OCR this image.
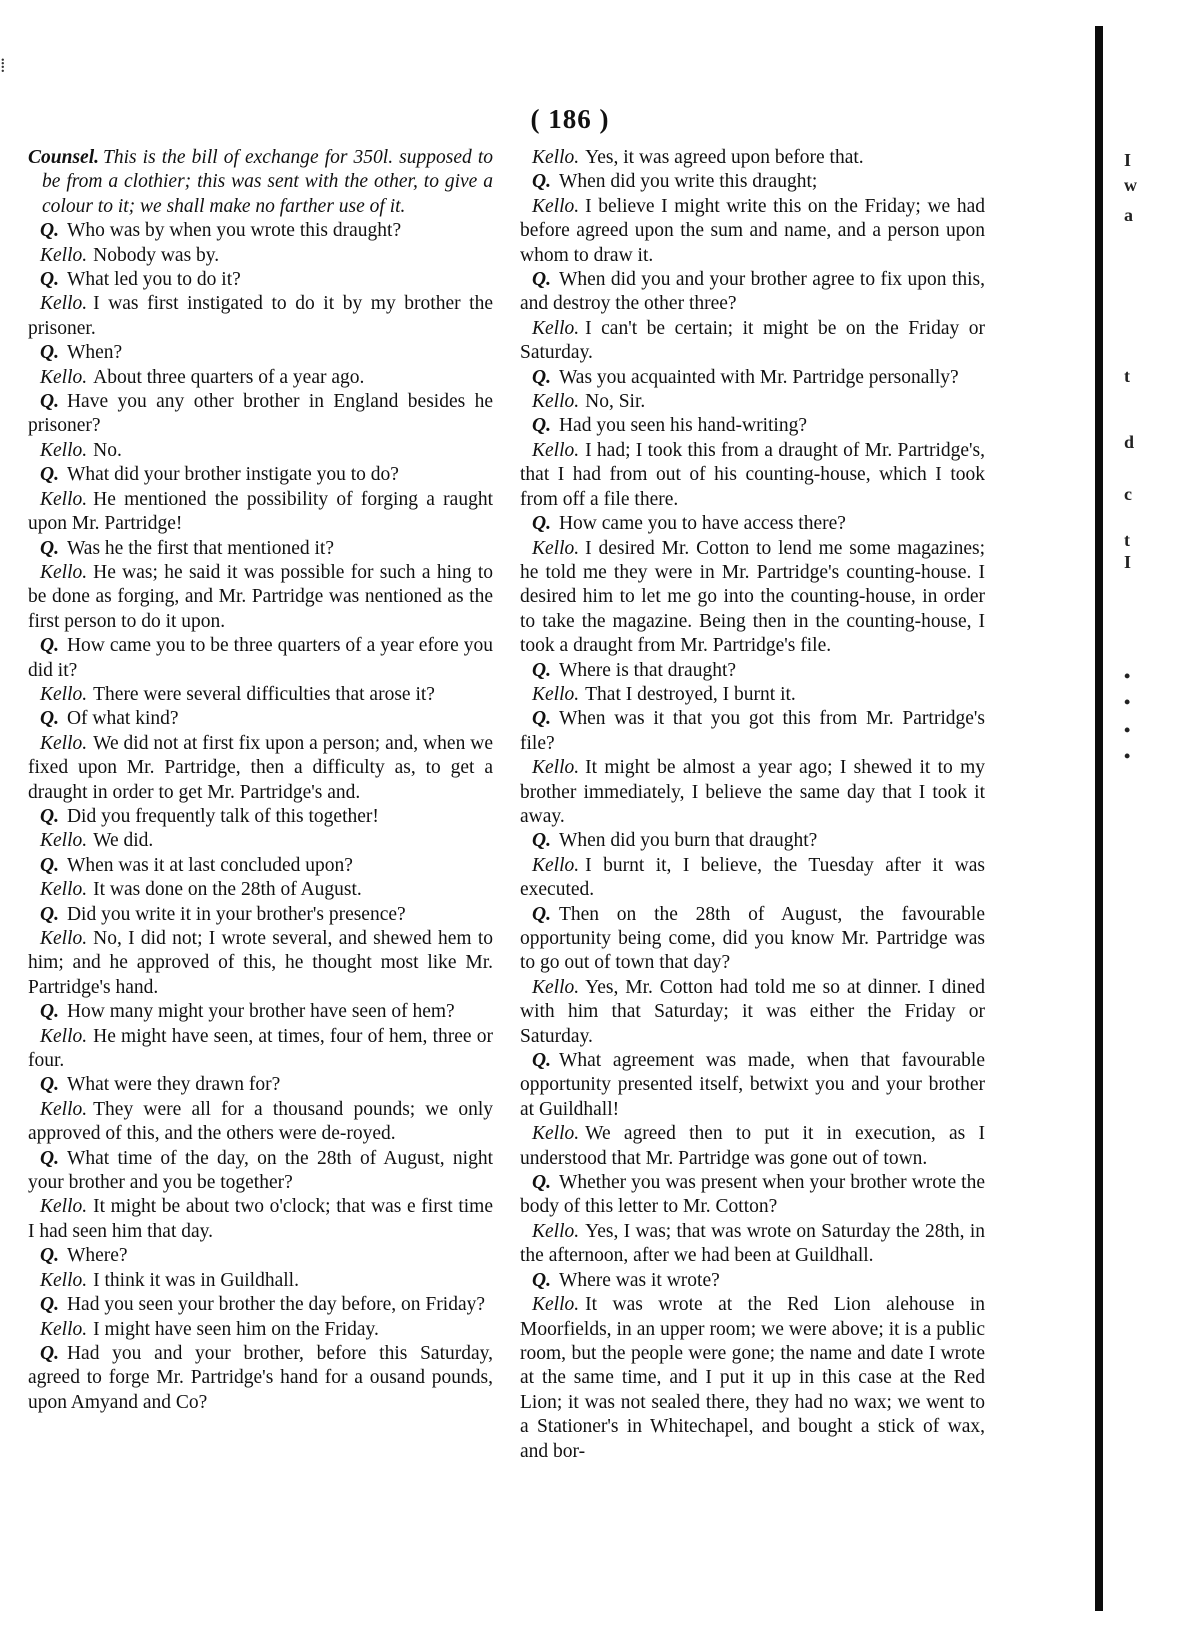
⁞
( 186 )

Counsel. This is the bill of exchange for 350l. supposed to be from a clothier; this was sent with the other, to give a colour to it; we shall make no farther use of it.

Q. Who was by when you wrote this draught?

Kello. Nobody was by.

Q. What led you to do it?

Kello. I was first instigated to do it by my brother the prisoner.

Q. When?

Kello. About three quarters of a year ago.

Q. Have you any other brother in England besides he prisoner?

Kello. No.

Q. What did your brother instigate you to do?

Kello. He mentioned the possibility of forging a raught upon Mr. Partridge!

Q. Was he the first that mentioned it?

Kello. He was; he said it was possible for such a hing to be done as forging, and Mr. Partridge was nentioned as the first person to do it upon.

Q. How came you to be three quarters of a year efore you did it?

Kello. There were several difficulties that arose it?

Q. Of what kind?

Kello. We did not at first fix upon a person; and, when we fixed upon Mr. Partridge, then a difficulty as, to get a draught in order to get Mr. Partridge's and.

Q. Did you frequently talk of this together!

Kello. We did.

Q. When was it at last concluded upon?

Kello. It was done on the 28th of August.

Q. Did you write it in your brother's presence?

Kello. No, I did not; I wrote several, and shewed hem to him; and he approved of this, he thought most like Mr. Partridge's hand.

Q. How many might your brother have seen of hem?

Kello. He might have seen, at times, four of hem, three or four.

Q. What were they drawn for?

Kello. They were all for a thousand pounds; we only approved of this, and the others were de-royed.

Q. What time of the day, on the 28th of August, night your brother and you be together?

Kello. It might be about two o'clock; that was e first time I had seen him that day.

Q. Where?

Kello. I think it was in Guildhall.

Q. Had you seen your brother the day before, on Friday?

Kello. I might have seen him on the Friday.

Q. Had you and your brother, before this Saturday, agreed to forge Mr. Partridge's hand for a ousand pounds, upon Amyand and Co?

Kello. Yes, it was agreed upon before that.

Q. When did you write this draught;

Kello. I believe I might write this on the Friday; we had before agreed upon the sum and name, and a person upon whom to draw it.

Q. When did you and your brother agree to fix upon this, and destroy the other three?

Kello. I can't be certain; it might be on the Friday or Saturday.

Q. Was you acquainted with Mr. Partridge personally?

Kello. No, Sir.

Q. Had you seen his hand-writing?

Kello. I had; I took this from a draught of Mr. Partridge's, that I had from out of his counting-house, which I took from off a file there.

Q. How came you to have access there?

Kello. I desired Mr. Cotton to lend me some magazines; he told me they were in Mr. Partridge's counting-house. I desired him to let me go into the counting-house, in order to take the magazine. Being then in the counting-house, I took a draught from Mr. Partridge's file.

Q. Where is that draught?

Kello. That I destroyed, I burnt it.

Q. When was it that you got this from Mr. Partridge's file?

Kello. It might be almost a year ago; I shewed it to my brother immediately, I believe the same day that I took it away.

Q. When did you burn that draught?

Kello. I burnt it, I believe, the Tuesday after it was executed.

Q. Then on the 28th of August, the favourable opportunity being come, did you know Mr. Partridge was to go out of town that day?

Kello. Yes, Mr. Cotton had told me so at dinner. I dined with him that Saturday; it was either the Friday or Saturday.

Q. What agreement was made, when that favourable opportunity presented itself, betwixt you and your brother at Guildhall!

Kello. We agreed then to put it in execution, as I understood that Mr. Partridge was gone out of town.

Q. Whether you was present when your brother wrote the body of this letter to Mr. Cotton?

Kello. Yes, I was; that was wrote on Saturday the 28th, in the afternoon, after we had been at Guildhall.

Q. Where was it wrote?

Kello. It was wrote at the Red Lion alehouse in Moorfields, in an upper room; we were above; it is a public room, but the people were gone; the name and date I wrote at the same time, and I put it up in this case at the Red Lion; it was not sealed there, they had no wax; we went to a Stationer's in Whitechapel, and bought a stick of wax, and bor-

I
w
a
t
d
c
t
I
•
•
•
•
